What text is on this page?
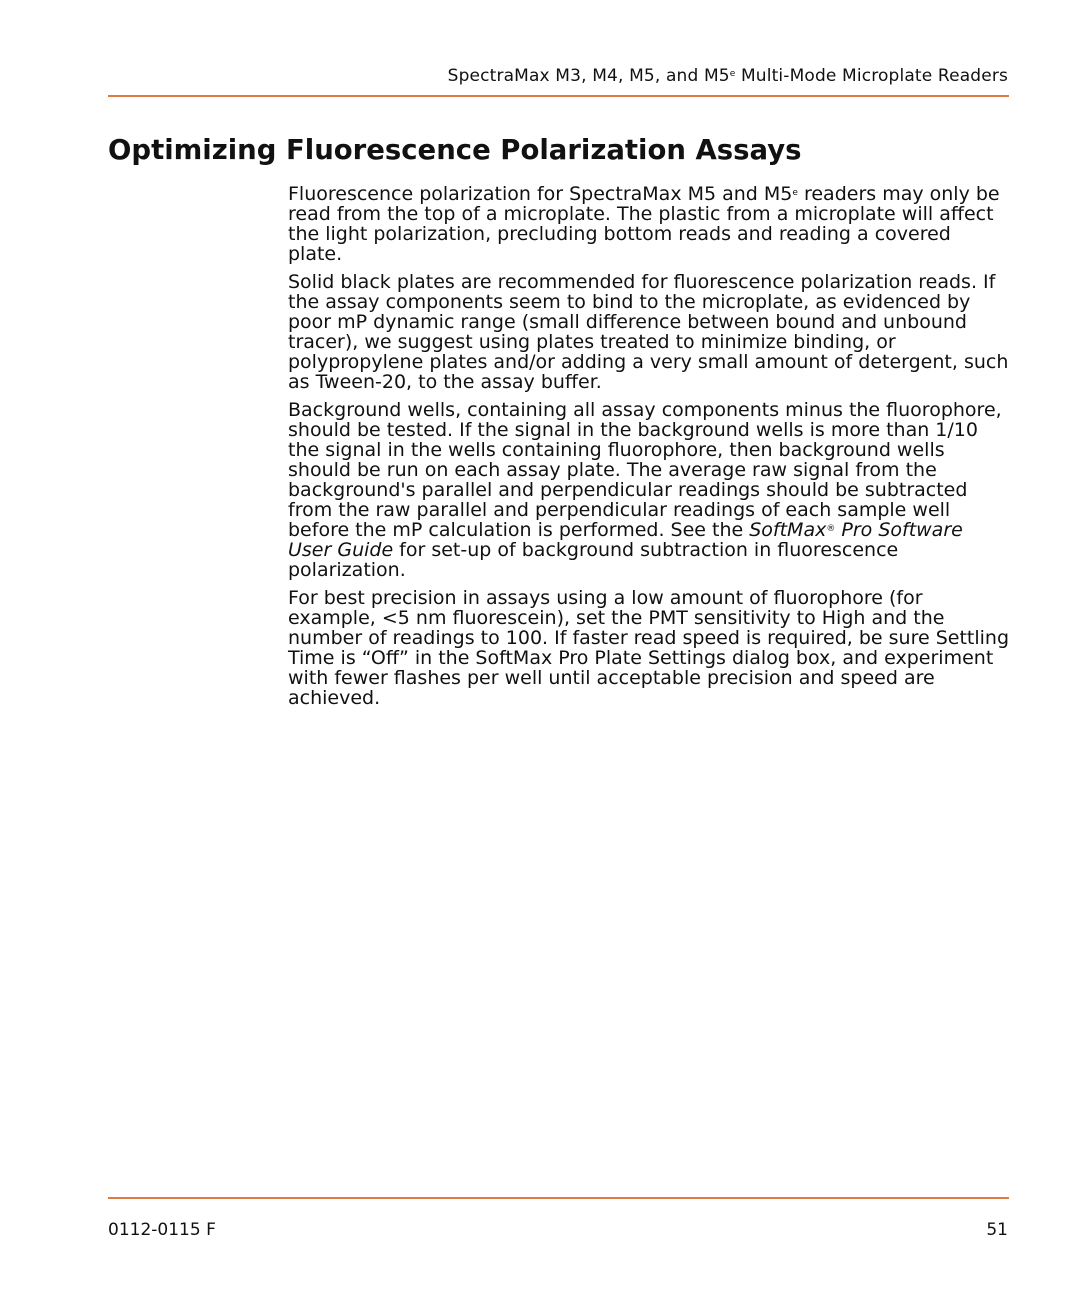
SpectraMax M3, M4, M5, and M5e Multi-Mode Microplate Readers
Optimizing Fluorescence Polarization Assays

Fluorescence polarization for SpectraMax M5 and M5e readers may only be read from the top of a microplate. The plastic from a microplate will affect the light polarization, precluding bottom reads and reading a covered plate.

Solid black plates are recommended for fluorescence polarization reads. If the assay components seem to bind to the microplate, as evidenced by poor mP dynamic range (small difference between bound and unbound tracer), we suggest using plates treated to minimize binding, or polypropylene plates and/or adding a very small amount of detergent, such as Tween-20, to the assay buffer.

Background wells, containing all assay components minus the fluorophore, should be tested. If the signal in the background wells is more than 1/10 the signal in the wells containing fluorophore, then background wells should be run on each assay plate. The average raw signal from the background's parallel and perpendicular readings should be subtracted from the raw parallel and perpendicular readings of each sample well before the mP calculation is performed. See the SoftMax® Pro Software User Guide for set-up of background subtraction in fluorescence polarization.

For best precision in assays using a low amount of fluorophore (for example, <5 nm fluorescein), set the PMT sensitivity to High and the number of readings to 100. If faster read speed is required, be sure Settling Time is “Off” in the SoftMax Pro Plate Settings dialog box, and experiment with fewer flashes per well until acceptable precision and speed are achieved.

0112-0115 F	51
